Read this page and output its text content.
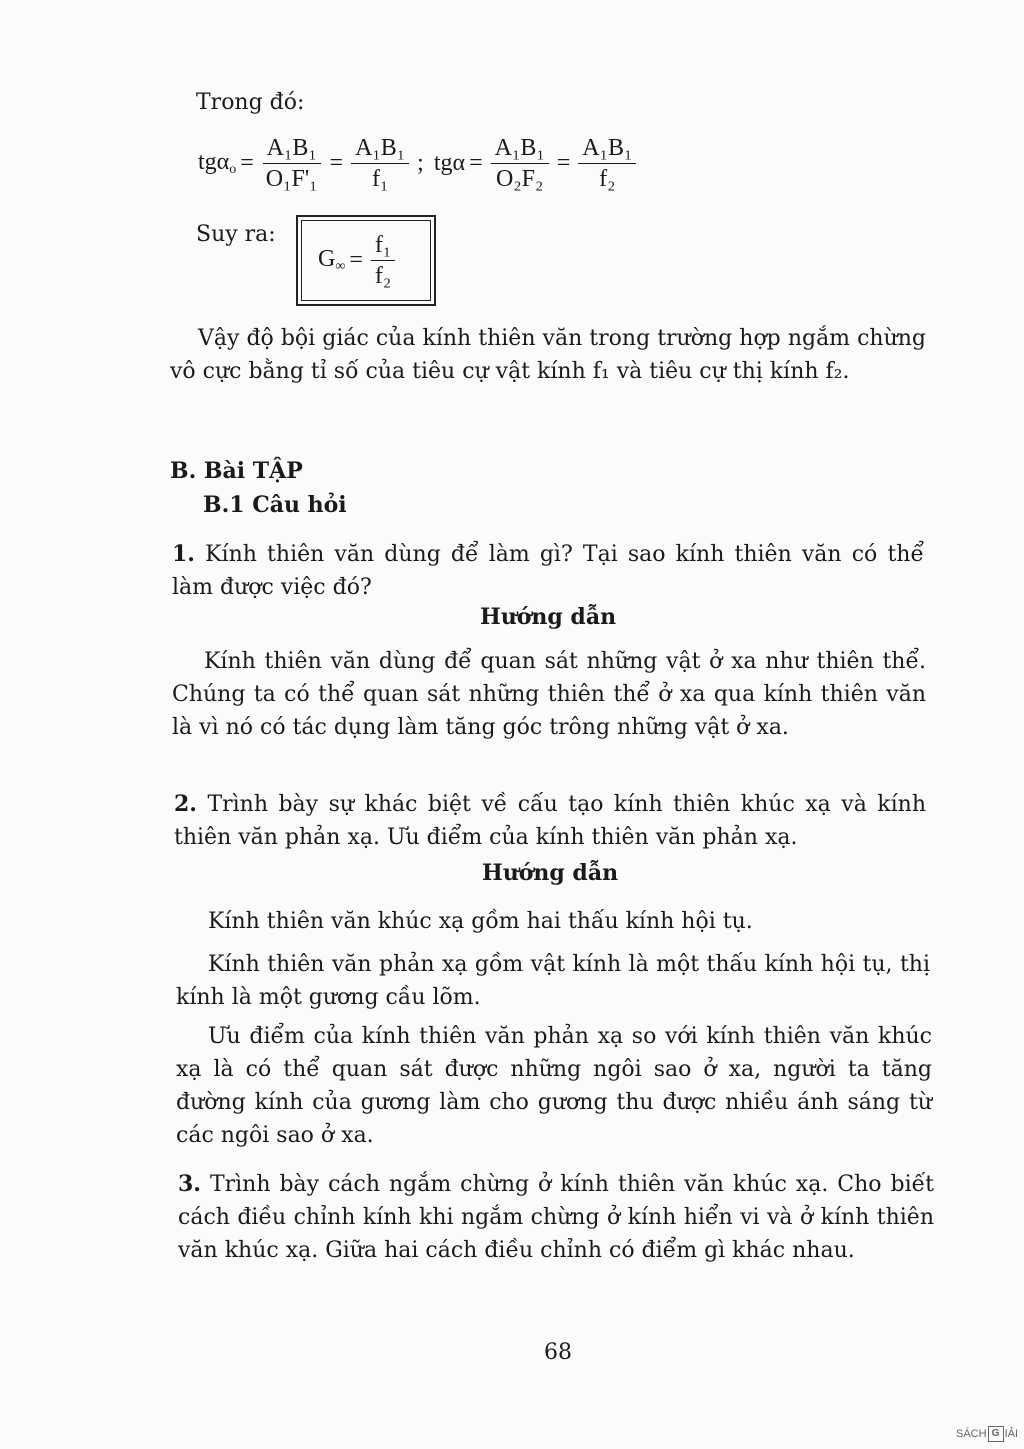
Trong đó:
$tg\alpha_o = \frac{\text{A₁B₁}}{\text{O₁F'₁}} = \frac{\text{A₁B₁}}{\text{f₁}}$ ; $tg\alpha = \frac{\text{A₁B₁}}{\text{O₂F₂}} = \frac{\text{A₁B₁}}{\text{f₂}}$
Suy ra:
$G_\infty = \frac{\text{f₁}}{\text{f₂}}$
Vậy độ bội giác của kính thiên văn trong trường hợp ngắm chừng vô cực bằng tỉ số của tiêu cự vật kính f₁ và tiêu cự thị kính f₂.
B. Bài TẬP
B.1 Câu hỏi
1. Kính thiên văn dùng để làm gì? Tại sao kính thiên văn có thể làm được việc đó?
Hướng dẫn
Kính thiên văn dùng để quan sát những vật ở xa như thiên thể. Chúng ta có thể quan sát những thiên thể ở xa qua kính thiên văn là vì nó có tác dụng làm tăng góc trông những vật ở xa.
2. Trình bày sự khác biệt về cấu tạo kính thiên khúc xạ và kính thiên văn phản xạ. Ưu điểm của kính thiên văn phản xạ.
Hướng dẫn
Kính thiên văn khúc xạ gồm hai thấu kính hội tụ.
Kính thiên văn phản xạ gồm vật kính là một thấu kính hội tụ, thị kính là một gương cầu lõm.
Ưu điểm của kính thiên văn phản xạ so với kính thiên văn khúc xạ là có thể quan sát được những ngôi sao ở xa, người ta tăng đường kính của gương làm cho gương thu được nhiều ánh sáng từ các ngôi sao ở xa.
3. Trình bày cách ngắm chừng ở kính thiên văn khúc xạ. Cho biết cách điều chỉnh kính khi ngắm chừng ở kính hiển vi và ở kính thiên văn khúc xạ. Giữa hai cách điều chỉnh có điểm gì khác nhau.
68
SÁCH G IẢI
